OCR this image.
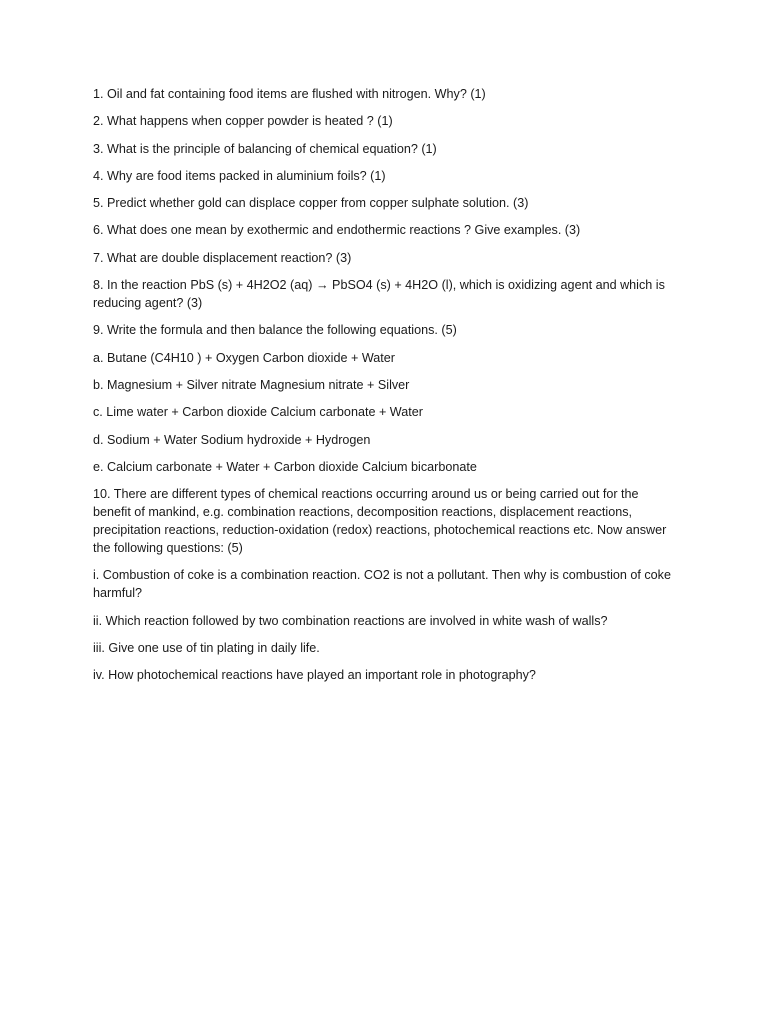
1. Oil and fat containing food items are flushed with nitrogen. Why? (1)

2. What happens when copper powder is heated ? (1)

3. What is the principle of balancing of chemical equation? (1)

4. Why are food items packed in aluminium foils? (1)

5. Predict whether gold can displace copper from copper sulphate solution. (3)

6. What does one mean by exothermic and endothermic reactions ? Give examples. (3)

7. What are double displacement reaction? (3)

8. In the reaction PbS (s) + 4H2O2 (aq) → PbSO4 (s) + 4H2O (l), which is oxidizing agent and which is reducing agent? (3)

9. Write the formula and then balance the following equations. (5)

a. Butane (C4H10 ) + Oxygen Carbon dioxide + Water

b. Magnesium + Silver nitrate Magnesium nitrate + Silver

c. Lime water + Carbon dioxide Calcium carbonate + Water

d. Sodium + Water Sodium hydroxide + Hydrogen

e. Calcium carbonate + Water + Carbon dioxide Calcium bicarbonate

10. There are different types of chemical reactions occurring around us or being carried out for the benefit of mankind, e.g. combination reactions, decomposition reactions, displacement reactions, precipitation reactions, reduction-oxidation (redox) reactions, photochemical reactions etc. Now answer the following questions: (5)

i. Combustion of coke is a combination reaction. CO2 is not a pollutant. Then why is combustion of coke harmful?

ii. Which reaction followed by two combination reactions are involved in white wash of walls?

iii. Give one use of tin plating in daily life.

iv. How photochemical reactions have played an important role in photography?
